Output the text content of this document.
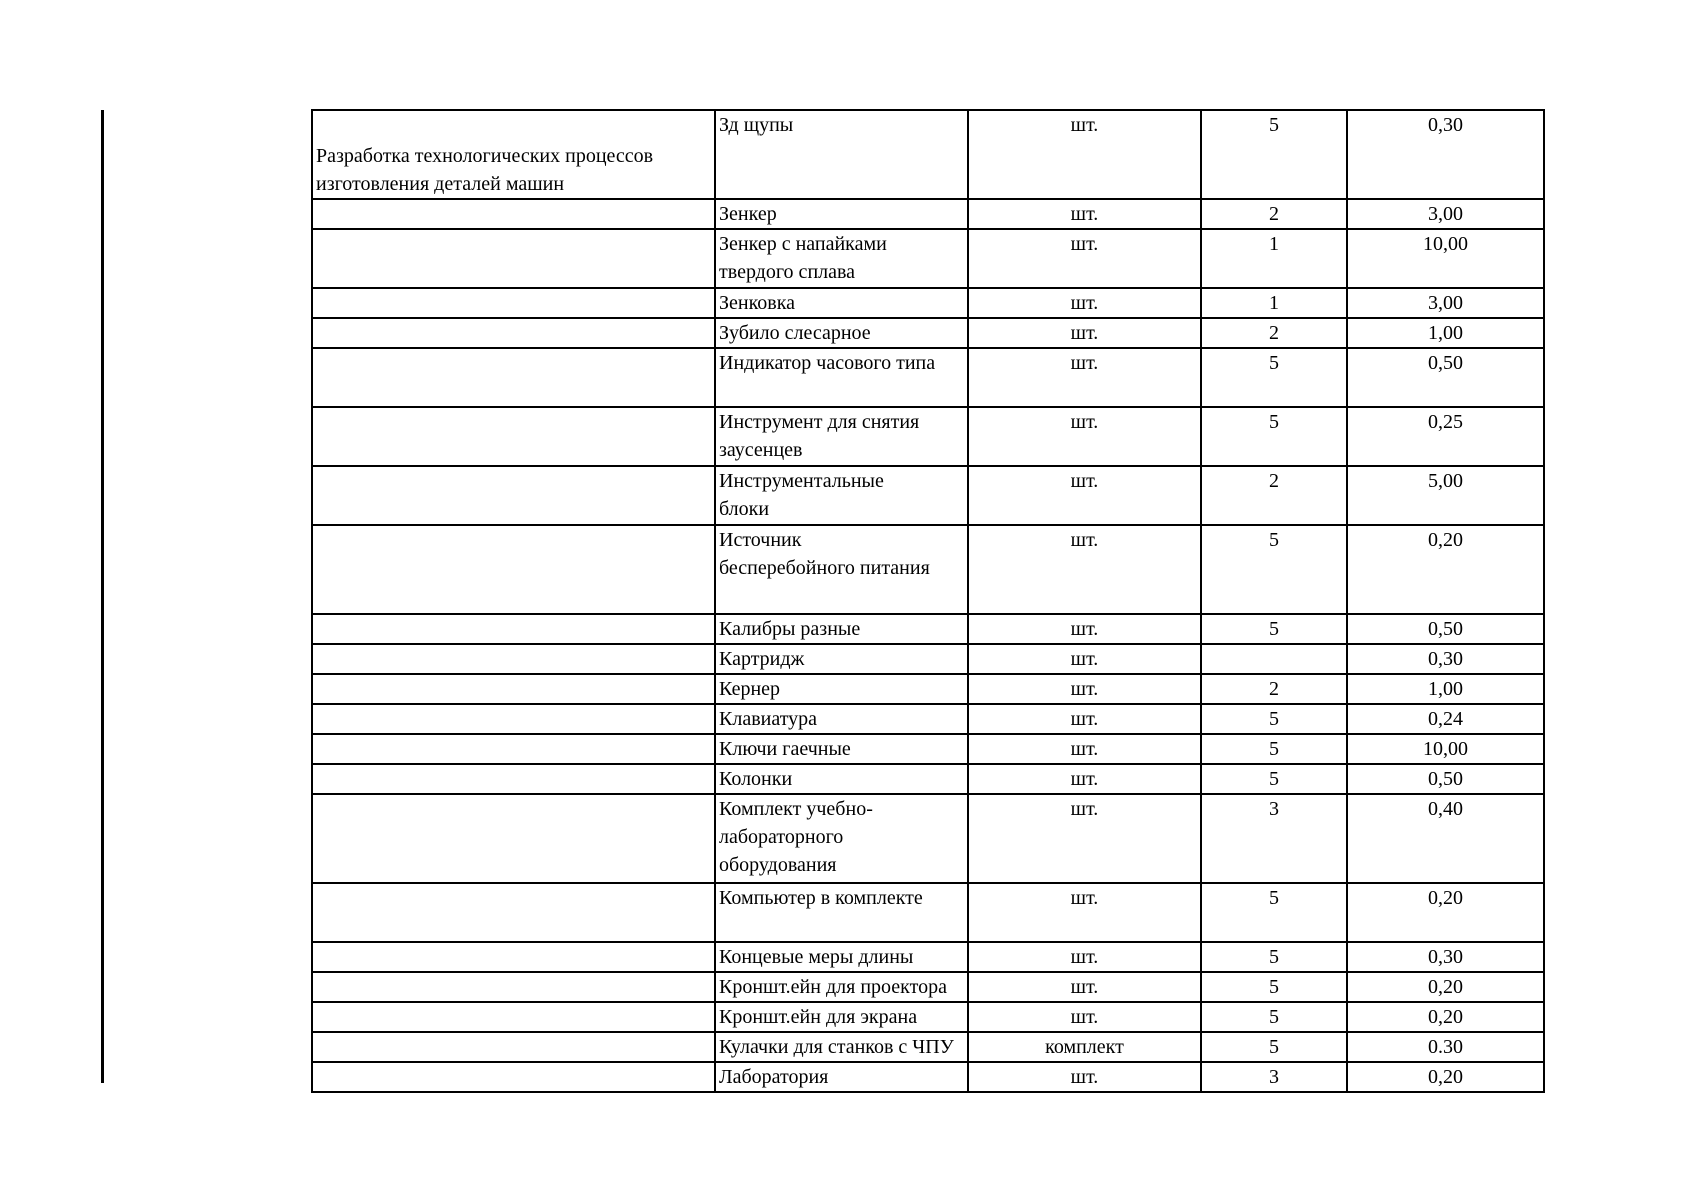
Разработка технологических процессов
изготовления деталей машин	Зд щупы	шт.	5	0,30

	Зенкер	шт.	2	3,00

	Зенкер с напайками
твердого сплава	шт.	1	10,00

	Зенковка	шт.	1	3,00

	Зубило слесарное	шт.	2	1,00

	Индикатор часового типа	шт.	5	0,50

	Инструмент для снятия
заусенцев	шт.	5	0,25

	Инструментальные
блоки	шт.	2	5,00

	Источник
бесперебойного питания	шт.	5	0,20

	Калибры разные	шт.	5	0,50

	Картридж	шт.		0,30

	Кернер	шт.	2	1,00

	Клавиатура	шт.	5	0,24

	Ключи гаечные	шт.	5	10,00

	Колонки	шт.	5	0,50

	Комплект учебно-
лабораторного
оборудования	шт.	3	0,40

	Компьютер в комплекте	шт.	5	0,20

	Концевые меры длины	шт.	5	0,30

	Кроншт.ейн для проектора	шт.	5	0,20

	Кроншт.ейн для экрана	шт.	5	0,20

	Кулачки для станков с ЧПУ	комплект	5	0.30

	Лаборатория	шт.	3	0,20
